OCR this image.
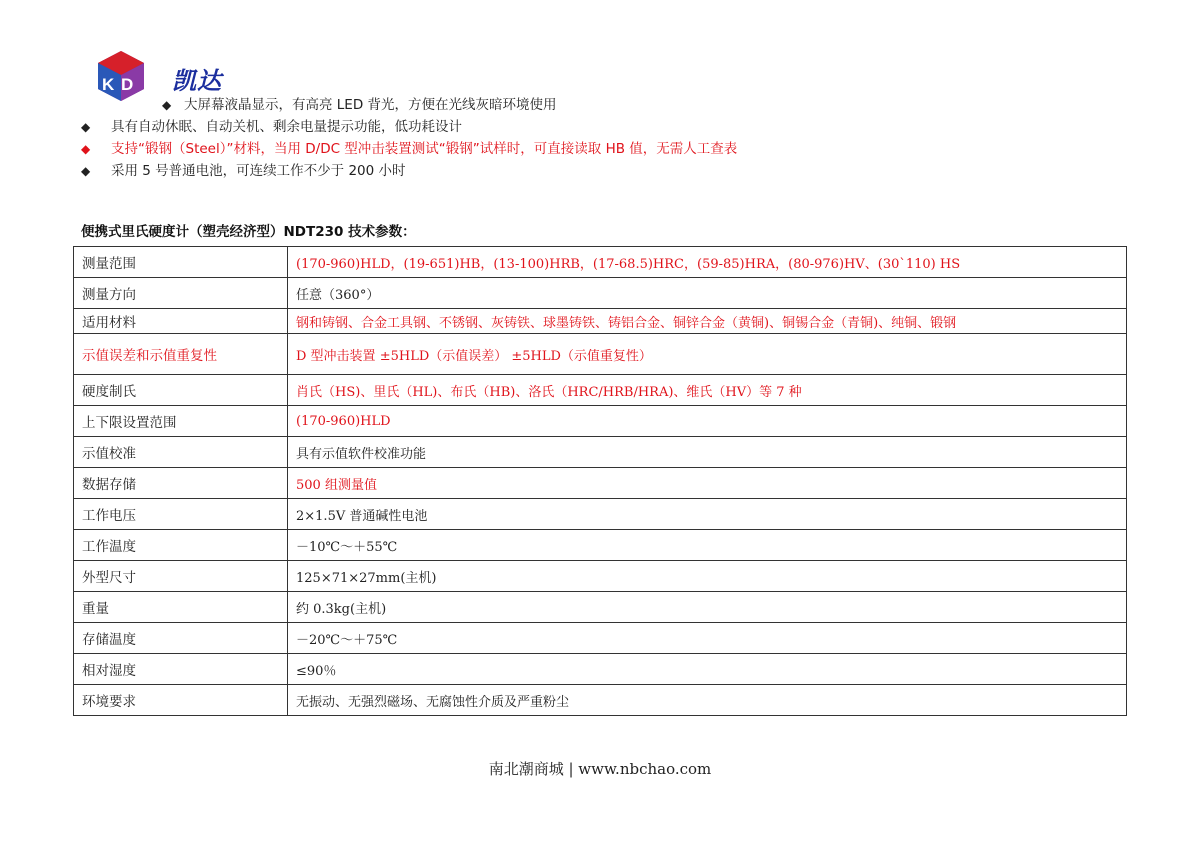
K D 凯达
◆ 大屏幕液晶显示，有高亮 LED 背光，方便在光线灰暗环境使用
◆ 具有自动休眠、自动关机、剩余电量提示功能，低功耗设计
◆ 支持“锻钢（Steel）”材料，当用 D/DC 型冲击装置测试“锻钢”试样时，可直接读取 HB 值，无需人工查表
◆ 采用 5 号普通电池，可连续工作不少于 200 小时
便携式里氏硬度计（塑壳经济型）NDT230 技术参数：
测量范围	(170-960)HLD，(19-651)HB，(13-100)HRB，(17-68.5)HRC，(59-85)HRA，(80-976)HV、(30`110) HS
测量方向	任意（360°）
适用材料	钢和铸钢、合金工具钢、不锈钢、灰铸铁、球墨铸铁、铸铝合金、铜锌合金（黄铜)、铜锡合金（青铜)、纯铜、锻钢
示值误差和示值重复性	D 型冲击装置 ±5HLD（示值误差） ±5HLD（示值重复性）
硬度制氏	肖氏（HS)、里氏（HL)、布氏（HB)、洛氏（HRC/HRB/HRA)、维氏（HV）等 7 种
上下限设置范围	(170-960)HLD
示值校准	具有示值软件校准功能
数据存储	500 组测量值
工作电压	2×1.5V 普通碱性电池
工作温度	－10℃～＋55℃
外型尺寸	125×71×27mm(主机)
重量	约 0.3kg(主机)
存储温度	－20℃～＋75℃
相对湿度	≤90％
环境要求	无振动、无强烈磁场、无腐蚀性介质及严重粉尘
南北潮商城 | www.nbchao.com
